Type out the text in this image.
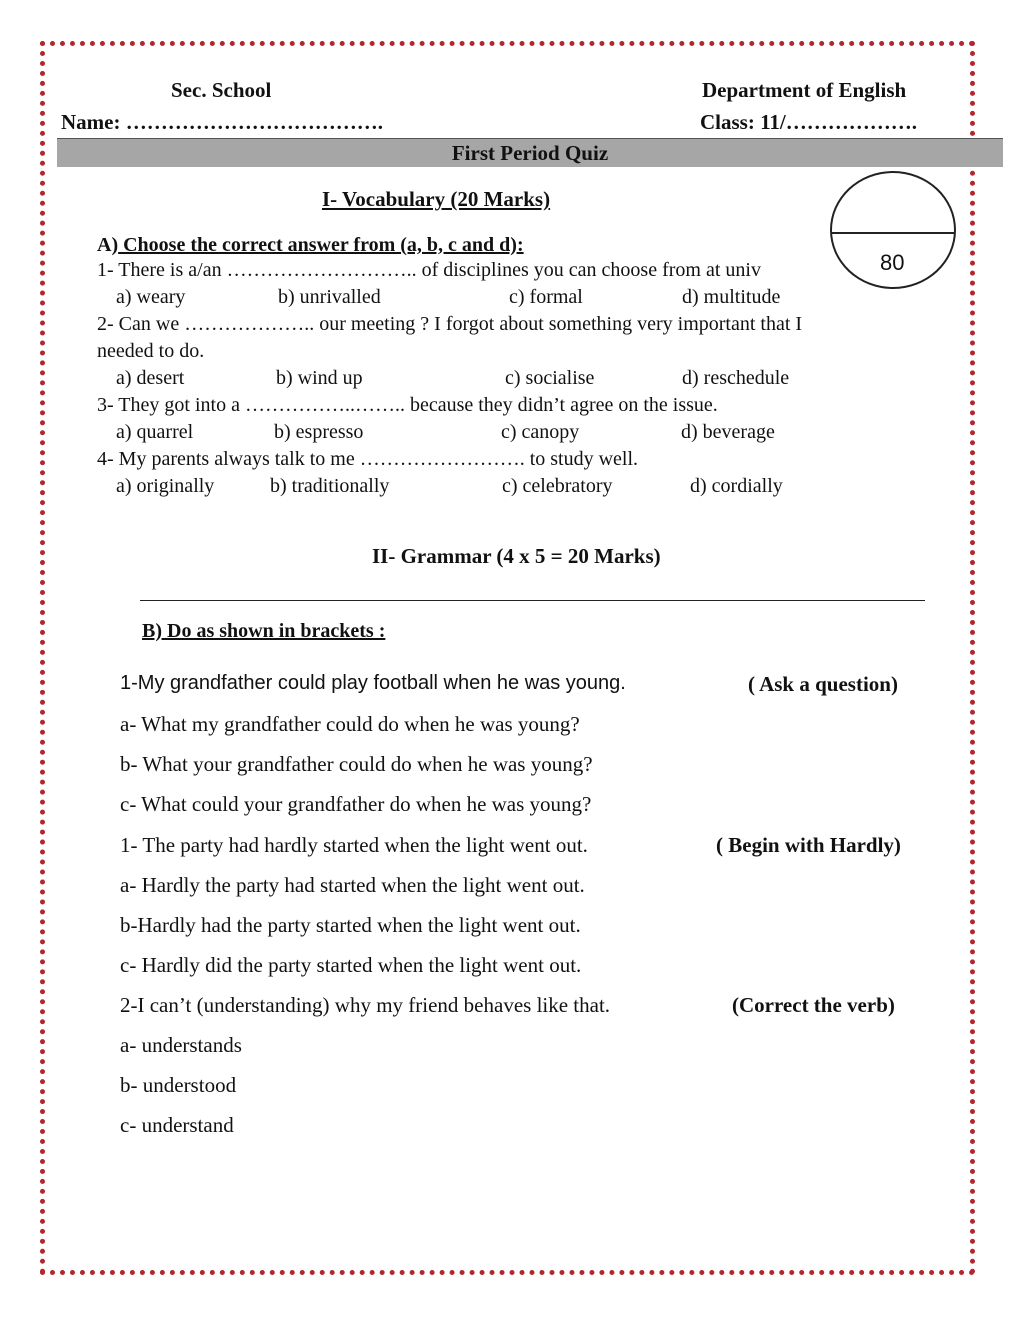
Sec. School	Department of English
Name: ……………………………….	Class: 11/……………….
First Period Quiz
80
I- Vocabulary (20 Marks)
A) Choose the correct answer from (a, b, c and d):
1- There is a/an ……………………….. of disciplines you can choose from at univ
a) weary	b) unrivalled	c) formal	d) multitude
2- Can we ……………….. our meeting ? I forgot about something very important that I
needed to do.
a) desert	b) wind up	c) socialise	d) reschedule
3- They got into a ……………..…….. because they didn’t agree on the issue.
a) quarrel	b) espresso	c) canopy	d) beverage
4- My parents always talk to me ……………………. to study well.
a) originally	b) traditionally	c) celebratory	d) cordially
II- Grammar (4 x 5 = 20 Marks)
B) Do as shown in brackets :
1-My grandfather could play football when he was young.	( Ask a question)
a- What my grandfather could do when he was young?
b- What your grandfather could do when he was young?
c- What could your grandfather do when he was young?
1- The party had hardly started when the light went out.	( Begin with Hardly)
a- Hardly the party had started when the light went out.
b-Hardly had the party started when the light went out.
c- Hardly did the party started when the light went out.
2-I can’t (understanding) why my friend behaves like that.	(Correct the verb)
a- understands
b- understood
c- understand
